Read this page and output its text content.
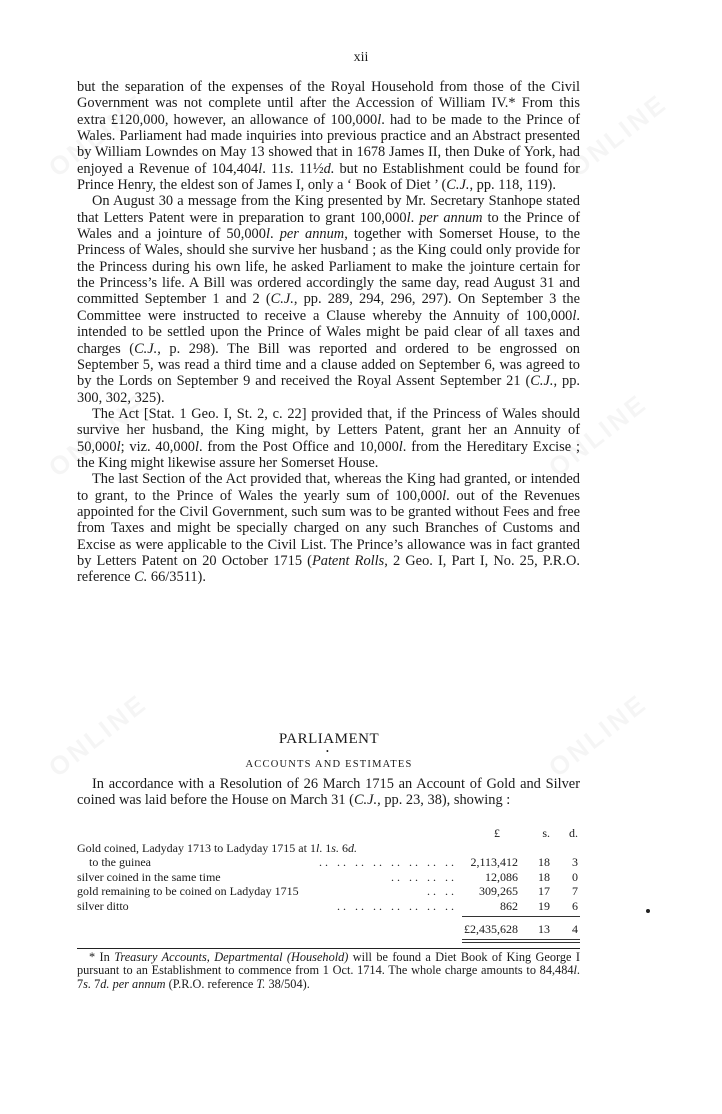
xii

but the separation of the expenses of the Royal Household from those of the Civil Government was not complete until after the Accession of William IV.* From this extra £120,000, however, an allowance of 100,000l. had to be made to the Prince of Wales. Parliament had made inquiries into previous practice and an Abstract presented by William Lowndes on May 13 showed that in 1678 James II, then Duke of York, had enjoyed a Revenue of 104,404l. 11s. 11½d. but no Establishment could be found for Prince Henry, the eldest son of James I, only a ‘ Book of Diet ’ (C.J., pp. 118, 119).

On August 30 a message from the King presented by Mr. Secretary Stanhope stated that Letters Patent were in preparation to grant 100,000l. per annum to the Prince of Wales and a jointure of 50,000l. per annum, together with Somerset House, to the Princess of Wales, should she survive her husband ; as the King could only provide for the Princess during his own life, he asked Parliament to make the jointure certain for the Princess’s life. A Bill was ordered accordingly the same day, read August 31 and committed September 1 and 2 (C.J., pp. 289, 294, 296, 297). On September 3 the Committee were instructed to receive a Clause whereby the Annuity of 100,000l. intended to be settled upon the Prince of Wales might be paid clear of all taxes and charges (C.J., p. 298). The Bill was reported and ordered to be engrossed on September 5, was read a third time and a clause added on September 6, was agreed to by the Lords on September 9 and received the Royal Assent September 21 (C.J., pp. 300, 302, 325).

The Act [Stat. 1 Geo. I, St. 2, c. 22] provided that, if the Princess of Wales should survive her husband, the King might, by Letters Patent, grant her an Annuity of 50,000l; viz. 40,000l. from the Post Office and 10,000l. from the Hereditary Excise ; the King might likewise assure her Somerset House.

The last Section of the Act provided that, whereas the King had granted, or intended to grant, to the Prince of Wales the yearly sum of 100,000l. out of the Revenues appointed for the Civil Government, such sum was to be granted without Fees and free from Taxes and might be specially charged on any such Branches of Customs and Excise as were applicable to the Civil List. The Prince’s allowance was in fact granted by Letters Patent on 20 October 1715 (Patent Rolls, 2 Geo. I, Part I, No. 25, P.R.O. reference C. 66/3511).

PARLIAMENT
•
ACCOUNTS AND ESTIMATES

In accordance with a Resolution of 26 March 1715 an Account of Gold and Silver coined was laid before the House on March 31 (C.J., pp. 23, 38), showing :

£	s.	d.
Gold coined, Ladyday 1713 to Ladyday 1715 at 1l. 1s. 6d.
to the guinea	.. .. .. .. .. .. .. .. 2,113,412	18	3
silver coined in the same time	.. .. .. .. 12,086	18	0
gold remaining to be coined on Ladyday 1715	.. .. 309,265	17	7
silver ditto	.. .. .. .. .. .. ..	862	19	6
£2,435,628	13	4

* In Treasury Accounts, Departmental (Household) will be found a Diet Book of King George I pursuant to an Establishment to commence from 1 Oct. 1714. The whole charge amounts to 84,484l. 7s. 7d. per annum (P.R.O. reference T. 38/504).
